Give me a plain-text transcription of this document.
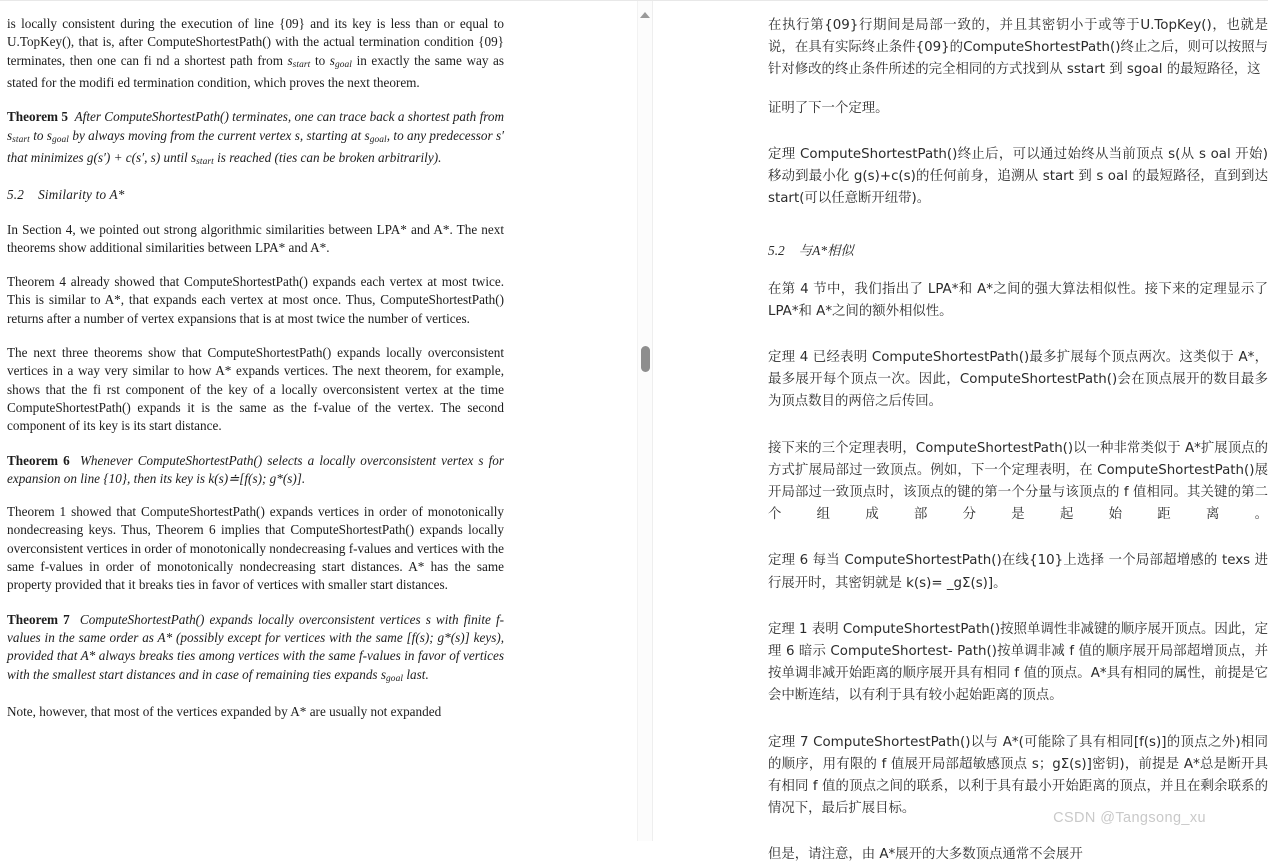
is locally consistent during the execution of line {09} and its key is less than or equal to U.TopKey(), that is, after ComputeShortestPath() with the actual termination condition {09} terminates, then one can fi nd a shortest path from $s_{start}$ to $s_{goal}$ in exactly the same way as stated for the modifi ed termination condition, which proves the next theorem.

Theorem 5 After ComputeShortestPath() terminates, one can trace back a shortest path from $s_{start}$ to $s_{goal}$ by always moving from the current vertex s, starting at $s_{goal}$, to any predecessor s′ that minimizes g(s′) + c(s′, s) until $s_{start}$ is reached (ties can be broken arbitrarily).

5.2 Similarity to A*

In Section 4, we pointed out strong algorithmic similarities between LPA* and A*. The next theorems show additional similarities between LPA* and A*.

Theorem 4 already showed that ComputeShortestPath() expands each vertex at most twice. This is similar to A*, that expands each vertex at most once. Thus, ComputeShortestPath() returns after a number of vertex expansions that is at most twice the number of vertices.

The next three theorems show that ComputeShortestPath() expands locally overconsistent vertices in a way very similar to how A* expands vertices. The next theorem, for example, shows that the fi rst component of the key of a locally overconsistent vertex at the time ComputeShortestPath() expands it is the same as the f-value of the vertex. The second component of its key is its start distance.

Theorem 6 Whenever ComputeShortestPath() selects a locally overconsistent vertex s for expansion on line {10}, then its key is k(s)≐[f(s); g*(s)].

Theorem 1 showed that ComputeShortestPath() expands vertices in order of monotonically nondecreasing keys. Thus, Theorem 6 implies that ComputeShortestPath() expands locally overconsistent vertices in order of monotonically nondecreasing f-values and vertices with the same f-values in order of monotonically nondecreasing start distances. A* has the same property provided that it breaks ties in favor of vertices with smaller start distances.

Theorem 7 ComputeShortestPath() expands locally overconsistent vertices s with finite f-values in the same order as A* (possibly except for vertices with the same [f(s); g*(s)] keys), provided that A* always breaks ties among vertices with the same f-values in favor of vertices with the smallest start distances and in case of remaining ties expands $s_{goal}$ last.

Note, however, that most of the vertices expanded by A* are usually not expanded

在执行第{09}行期间是局部一致的，并且其密钥小于或等于U.TopKey()，也就是说，在具有实际终止条件{09}的ComputeShortestPath()终止之后，则可以按照与针对修改的终止条件所述的完全相同的方式找到从 sstart 到 sgoal 的最短路径，这

证明了下一个定理。

定理 ComputeShortestPath()终止后，可以通过始终从当前顶点 s(从 s oal 开始)移动到最小化 g(s)+c(s)的任何前身，追溯从 start 到 s oal 的最短路径，直到到达 start(可以任意断开纽带)。

5.2 与A*相似

在第 4 节中，我们指出了 LPA*和 A*之间的强大算法相似性。接下来的定理显示了 LPA*和 A*之间的额外相似性。

定理 4 已经表明 ComputeShortestPath()最多扩展每个顶点两次。这类似于 A*，最多展开每个顶点一次。因此，ComputeShortestPath()会在顶点展开的数目最多为顶点数目的两倍之后传回。

接下来的三个定理表明，ComputeShortestPath()以一种非常类似于 A*扩展顶点的方式扩展局部过一致顶点。例如，下一个定理表明，在 ComputeShortestPath()展开局部过一致顶点时，该顶点的键的第一个分量与该顶点的 f 值相同。其关键的第二个组成部分是起始距离。

定理 6 每当 ComputeShortestPath()在线{10}上选择 一个局部超增感的 texs 进行展开时，其密钥就是 k(s)= _gΣ(s)]。

定理 1 表明 ComputeShortestPath()按照单调性非减键的顺序展开顶点。因此，定理 6 暗示 ComputeShortest- Path()按单调非减 f 值的顺序展开局部超增顶点，并按单调非减开始距离的顺序展开具有相同 f 值的顶点。A*具有相同的属性，前提是它会中断连结，以有利于具有较小起始距离的顶点。

定理 7 ComputeShortestPath()以与 A*(可能除了具有相同[f(s)]的顶点之外)相同的顺序，用有限的 f 值展开局部超敏感顶点 s；gΣ(s)]密钥)，前提是 A*总是断开具有相同 f 值的顶点之间的联系，以利于具有最小开始距离的顶点，并且在剩余联系的情况下，最后扩展目标。

但是，请注意，由 A*展开的大多数顶点通常不会展开

CSDN @Tangsong_xu
